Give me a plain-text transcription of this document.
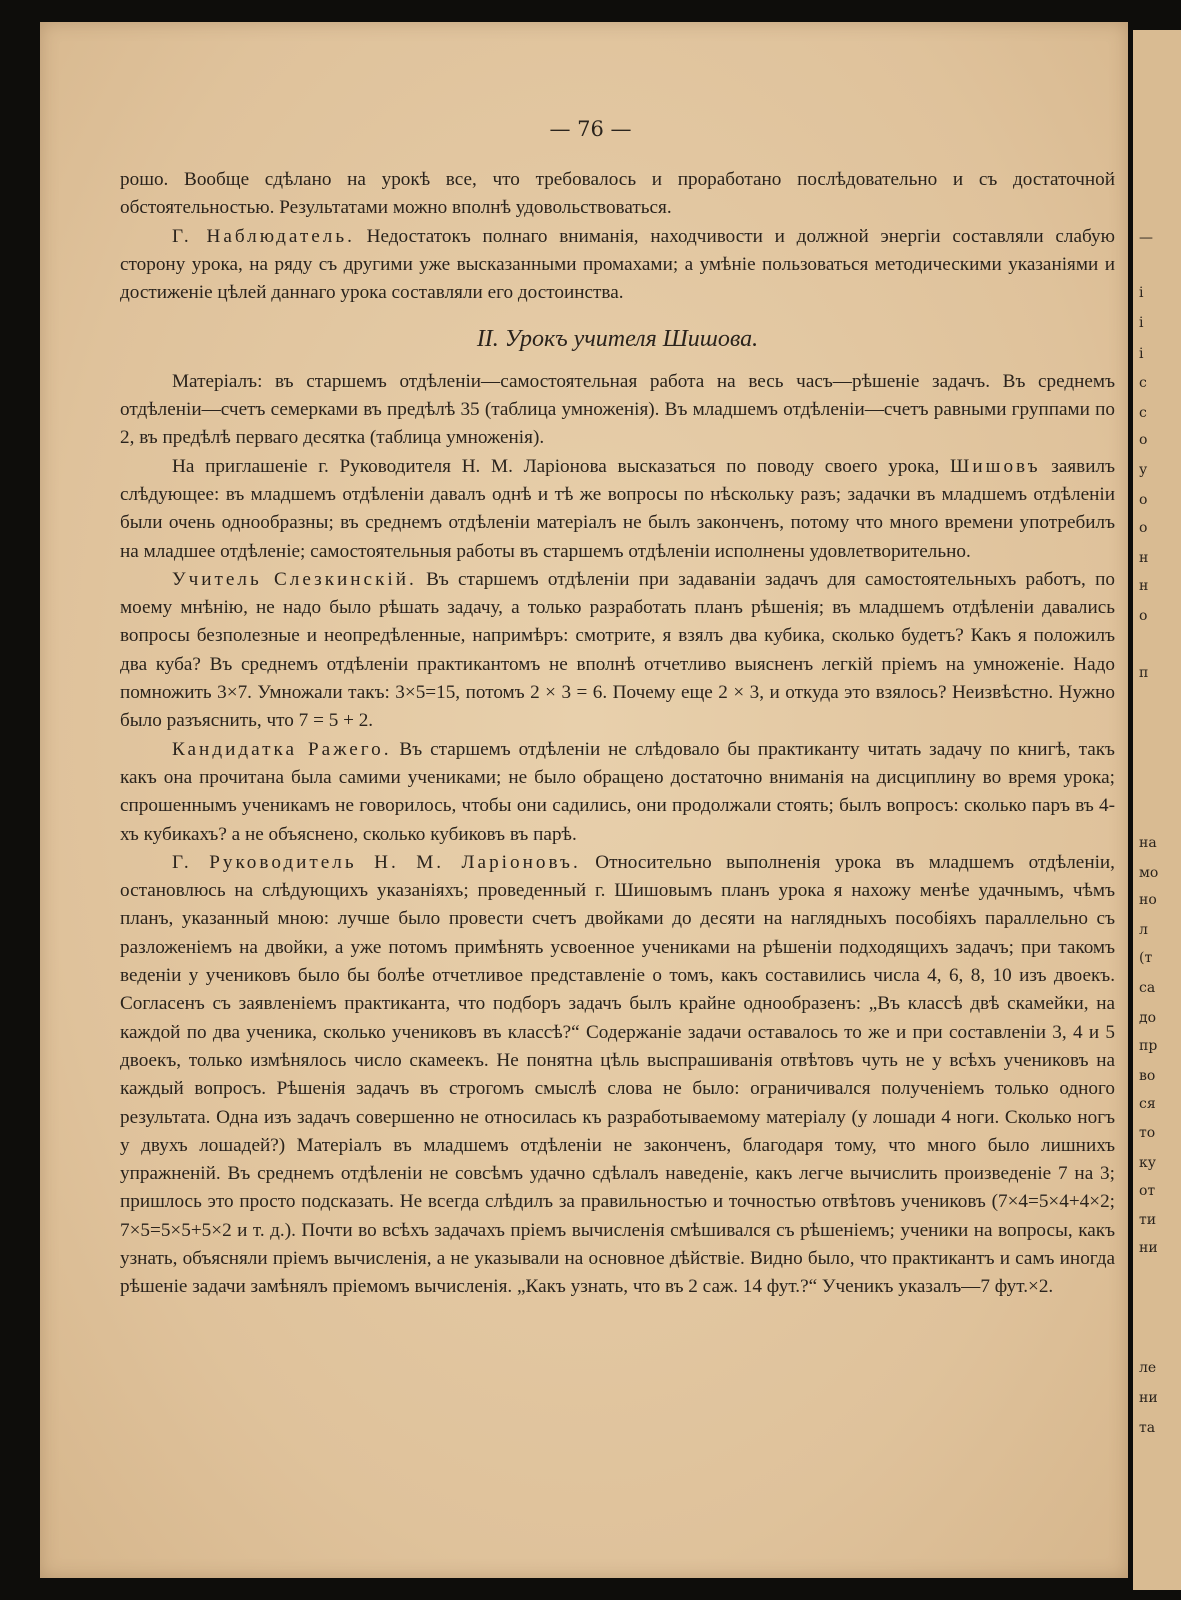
—
і
і
і
с
с
о
у
о
о
н
н
о
п
на
мо
но
л
(т
са
до
пр
во
ся
то
ку
от
ти
ни
ле
ни
та
— 76 —

рошо. Вообще сдѣлано на урокѣ все, что требовалось и проработано послѣдовательно и съ достаточной обстоятельностью. Результатами можно вполнѣ удовольствоваться.

Г. Наблюдатель. Недостатокъ полнаго вниманія, находчивости и должной энергіи составляли слабую сторону урока, на ряду съ другими уже высказанными промахами; а умѣніе пользоваться методическими указаніями и достиженіе цѣлей даннаго урока составляли его достоинства.

II. Урокъ учителя Шишова.

Матеріалъ: въ старшемъ отдѣленіи—самостоятельная работа на весь часъ—рѣшеніе задачъ. Въ среднемъ отдѣленіи—счетъ семерками въ предѣлѣ 35 (таблица умноженія). Въ младшемъ отдѣленіи—счетъ равными группами по 2, въ предѣлѣ перваго десятка (таблица умноженія).

На приглашеніе г. Руководителя Н. М. Ларіонова высказаться по поводу своего урока, Шишовъ заявилъ слѣдующее: въ младшемъ отдѣленіи давалъ однѣ и тѣ же вопросы по нѣскольку разъ; задачки въ младшемъ отдѣленіи были очень однообразны; въ среднемъ отдѣленіи матеріалъ не былъ законченъ, потому что много времени употребилъ на младшее отдѣленіе; самостоятельныя работы въ старшемъ отдѣленіи исполнены удовлетворительно.

Учитель Слезкинскій. Въ старшемъ отдѣленіи при задаваніи задачъ для самостоятельныхъ работъ, по моему мнѣнію, не надо было рѣшать задачу, а только разработать планъ рѣшенія; въ младшемъ отдѣленіи давались вопросы безполезные и неопредѣленные, напримѣръ: смотрите, я взялъ два кубика, сколько будетъ? Какъ я положилъ два куба? Въ среднемъ отдѣленіи практикантомъ не вполнѣ отчетливо выясненъ легкій пріемъ на умноженіе. Надо помножить 3×7. Умножали такъ: 3×5=15, потомъ 2 × 3 = 6. Почему еще 2 × 3, и откуда это взялось? Неизвѣстно. Нужно было разъяснить, что 7 = 5 + 2.

Кандидатка Ражего. Въ старшемъ отдѣленіи не слѣдовало бы практиканту читать задачу по книгѣ, такъ какъ она прочитана была самими учениками; не было обращено достаточно вниманія на дисциплину во время урока; спрошеннымъ ученикамъ не говорилось, чтобы они садились, они продолжали стоять; былъ вопросъ: сколько паръ въ 4-хъ кубикахъ? а не объяснено, сколько кубиковъ въ парѣ.

Г. Руководитель Н. М. Ларіоновъ. Относительно выполненія урока въ младшемъ отдѣленіи, остановлюсь на слѣдующихъ указаніяхъ; проведенный г. Шишовымъ планъ урока я нахожу менѣе удачнымъ, чѣмъ планъ, указанный мною: лучше было провести счетъ двойками до десяти на наглядныхъ пособіяхъ параллельно съ разложеніемъ на двойки, а уже потомъ примѣнять усвоенное учениками на рѣшеніи подходящихъ задачъ; при такомъ веденіи у учениковъ было бы болѣе отчетливое представленіе о томъ, какъ составились числа 4, 6, 8, 10 изъ двоекъ. Согласенъ съ заявленіемъ практиканта, что подборъ задачъ былъ крайне однообразенъ: „Въ классѣ двѣ скамейки, на каждой по два ученика, сколько учениковъ въ классѣ?“ Содержаніе задачи оставалось то же и при составленіи 3, 4 и 5 двоекъ, только измѣнялось число скамеекъ. Не понятна цѣль выспрашиванія отвѣтовъ чуть не у всѣхъ учениковъ на каждый вопросъ. Рѣшенія задачъ въ строгомъ смыслѣ слова не было: ограничивался полученіемъ только одного результата. Одна изъ задачъ совершенно не относилась къ разработываемому матеріалу (у лошади 4 ноги. Сколько ногъ у двухъ лошадей?) Матеріалъ въ младшемъ отдѣленіи не законченъ, благодаря тому, что много было лишнихъ упражненій. Въ среднемъ отдѣленіи не совсѣмъ удачно сдѣлалъ наведеніе, какъ легче вычислить произведеніе 7 на 3; пришлось это просто подсказать. Не всегда слѣдилъ за правильностью и точностью отвѣтовъ учениковъ (7×4=5×4+4×2; 7×5=5×5+5×2 и т. д.). Почти во всѣхъ задачахъ пріемъ вычисленія смѣшивался съ рѣшеніемъ; ученики на вопросы, какъ узнать, объясняли пріемъ вычисленія, а не указывали на основное дѣйствіе. Видно было, что практикантъ и самъ иногда рѣшеніе задачи замѣнялъ пріемомъ вычисленія. „Какъ узнать, что въ 2 саж. 14 фут.?“ Ученикъ указалъ—7 фут.×2.
